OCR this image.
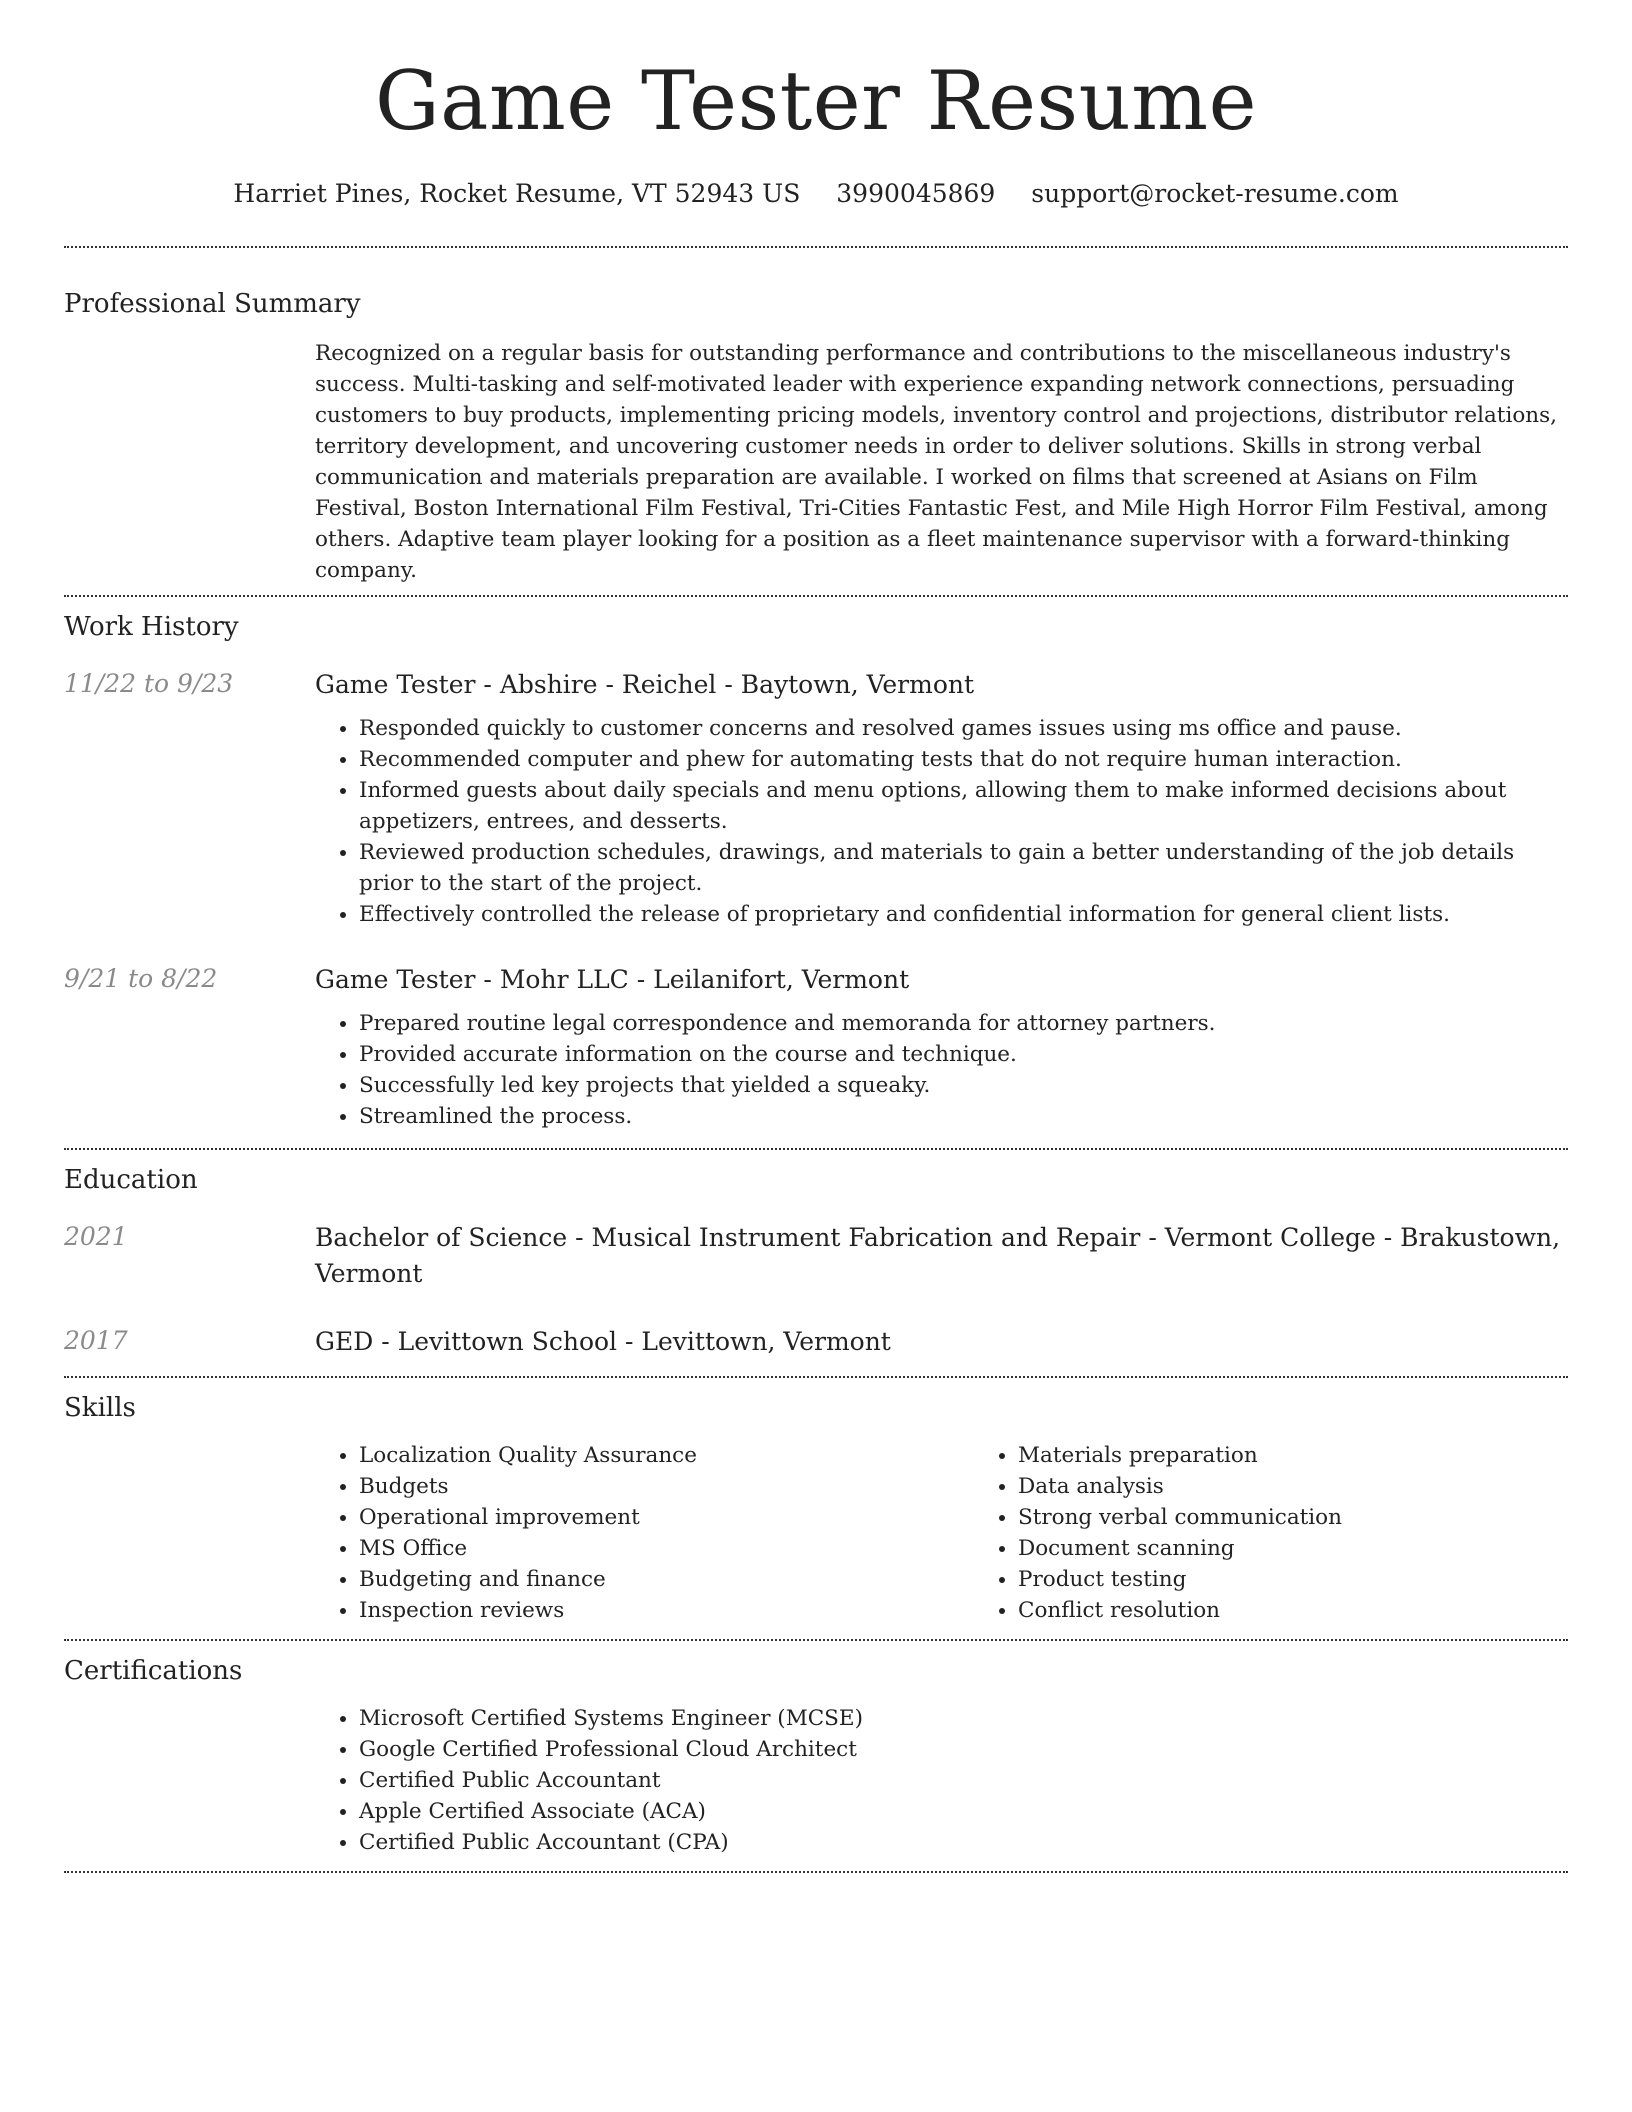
Game Tester Resume
Harriet Pines, Rocket Resume, VT 52943 US 3990045869 support@rocket-resume.com
Professional Summary

Recognized on a regular basis for outstanding performance and contributions to the miscellaneous industry's success. Multi-tasking and self-motivated leader with experience expanding network connections, persuading customers to buy products, implementing pricing models, inventory control and projections, distributor relations, territory development, and uncovering customer needs in order to deliver solutions. Skills in strong verbal communication and materials preparation are available. I worked on films that screened at Asians on Film Festival, Boston International Film Festival, Tri-Cities Fantastic Fest, and Mile High Horror Film Festival, among others. Adaptive team player looking for a position as a fleet maintenance supervisor with a forward-thinking company.

Work History
11/22 to 9/23	Game Tester - Abshire - Reichel - Baytown, Vermont
• Responded quickly to customer concerns and resolved games issues using ms office and pause.
• Recommended computer and phew for automating tests that do not require human interaction.
• Informed guests about daily specials and menu options, allowing them to make informed decisions about appetizers, entrees, and desserts.
• Reviewed production schedules, drawings, and materials to gain a better understanding of the job details prior to the start of the project.
• Effectively controlled the release of proprietary and confidential information for general client lists.
9/21 to 8/22	Game Tester - Mohr LLC - Leilanifort, Vermont
• Prepared routine legal correspondence and memoranda for attorney partners.
• Provided accurate information on the course and technique.
• Successfully led key projects that yielded a squeaky.
• Streamlined the process.
Education
2021	Bachelor of Science - Musical Instrument Fabrication and Repair - Vermont College - Brakustown, Vermont
2017	GED - Levittown School - Levittown, Vermont
Skills
• Localization Quality Assurance
• Budgets
• Operational improvement
• MS Office
• Budgeting and finance
• Inspection reviews
• Materials preparation
• Data analysis
• Strong verbal communication
• Document scanning
• Product testing
• Conflict resolution
Certifications
• Microsoft Certified Systems Engineer (MCSE)
• Google Certified Professional Cloud Architect
• Certified Public Accountant
• Apple Certified Associate (ACA)
• Certified Public Accountant (CPA)
